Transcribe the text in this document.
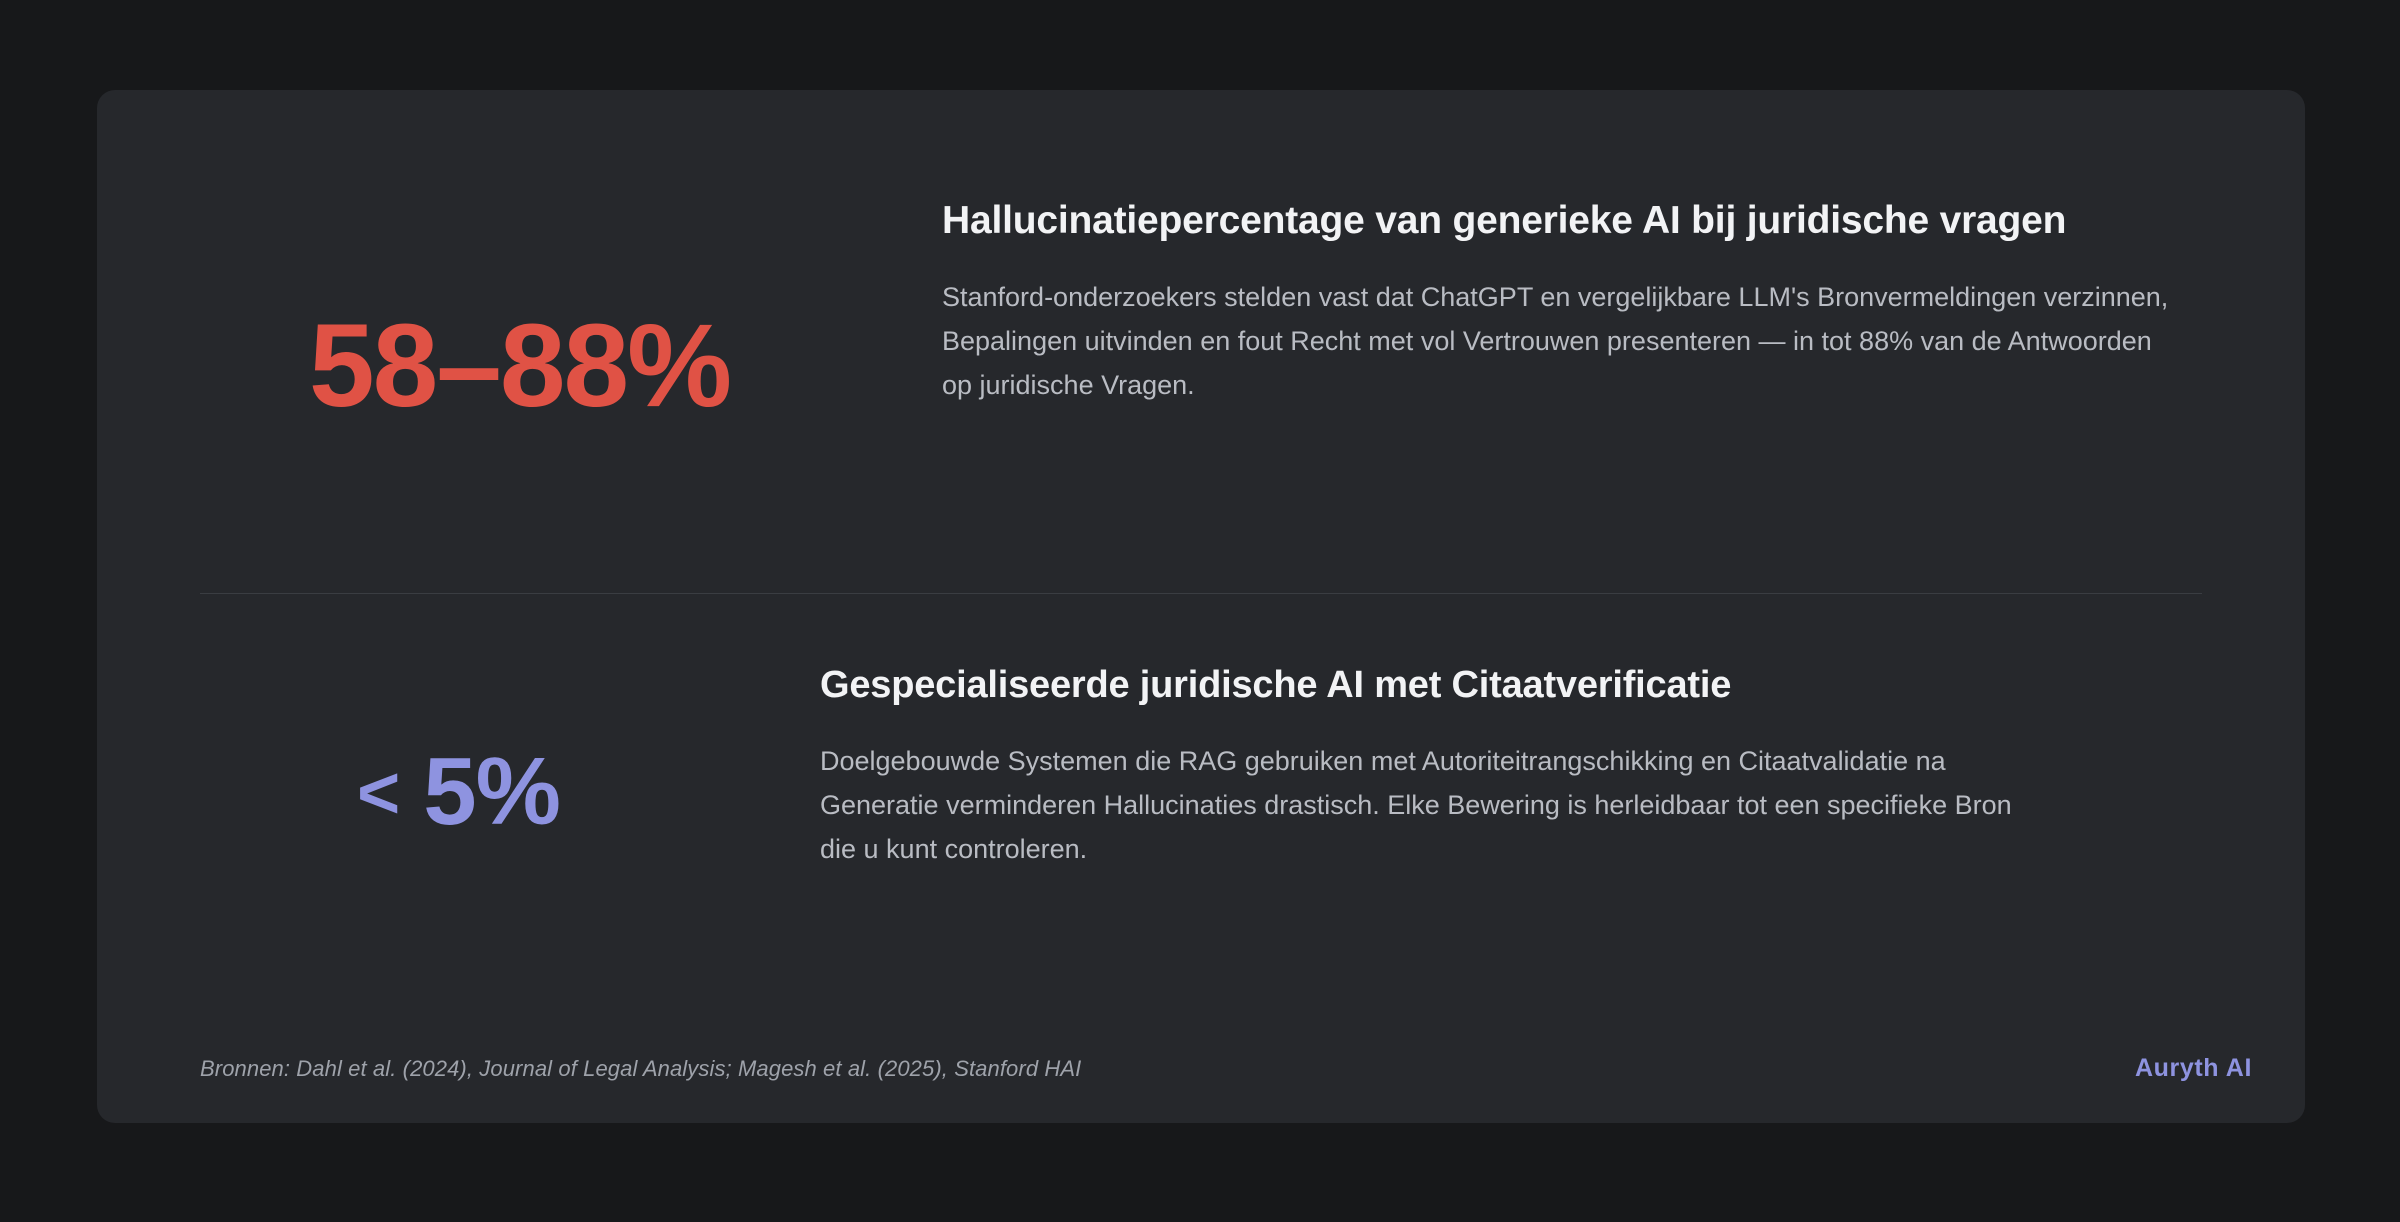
58–88%
Hallucinatiepercentage van generieke AI bij juridische vragen

Stanford-onderzoekers stelden vast dat ChatGPT en vergelijkbare LLM's Bronvermeldingen verzinnen, Bepalingen uitvinden en fout Recht met vol Vertrouwen presenteren — in tot 88% van de Antwoorden op juridische Vragen.

< 5%
Gespecialiseerde juridische AI met Citaatverificatie

Doelgebouwde Systemen die RAG gebruiken met Autoriteitrangschikking en Citaatvalidatie na Generatie verminderen Hallucinaties drastisch. Elke Bewering is herleidbaar tot een specifieke Bron die u kunt controleren.

Bronnen: Dahl et al. (2024), Journal of Legal Analysis; Magesh et al. (2025), Stanford HAI	Auryth AI
